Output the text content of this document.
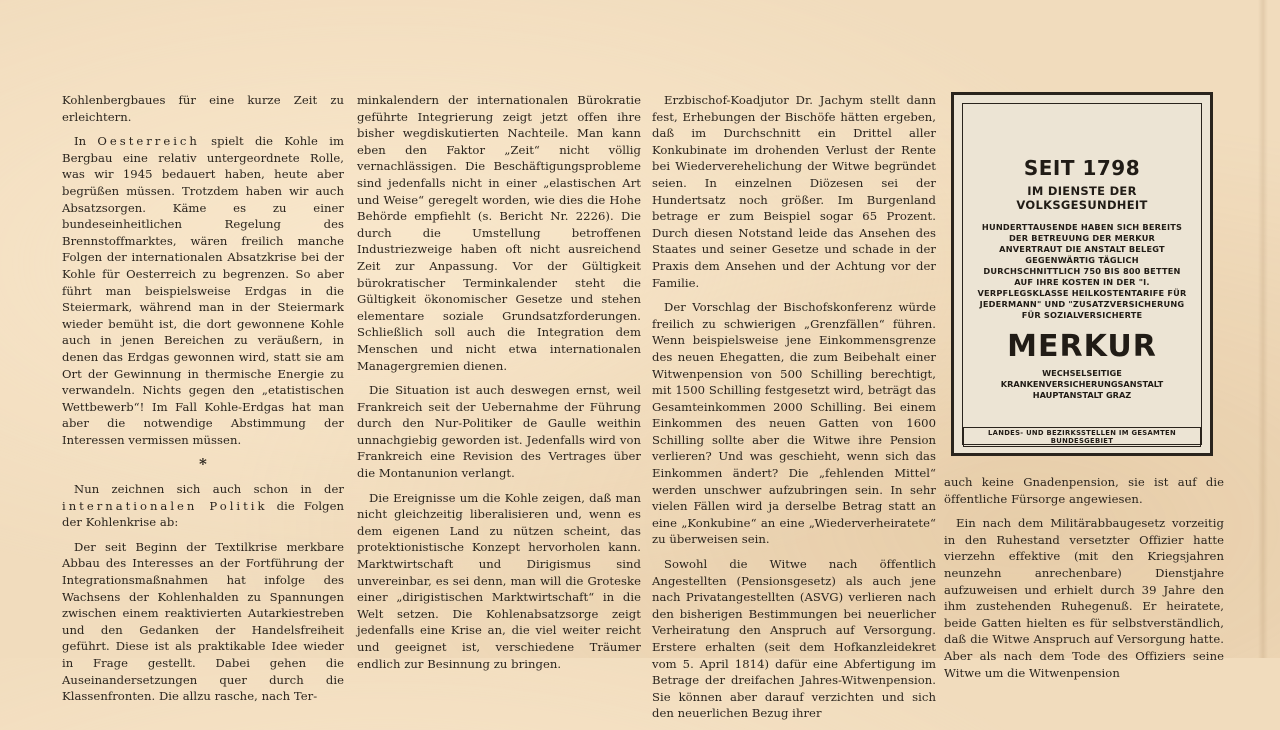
Kohlenbergbaues für eine kurze Zeit zu erleichtern.

In Oesterreich spielt die Kohle im Bergbau eine relativ untergeordnete Rolle, was wir 1945 bedauert haben, heute aber begrüßen müssen. Trotzdem haben wir auch Absatzsorgen. Käme es zu einer bundeseinheitlichen Regelung des Brennstoffmarktes, wären freilich manche Folgen der internationalen Absatzkrise bei der Kohle für Oesterreich zu begrenzen. So aber führt man beispielsweise Erdgas in die Steiermark, während man in der Steiermark wieder bemüht ist, die dort gewonnene Kohle auch in jenen Bereichen zu veräußern, in denen das Erdgas gewonnen wird, statt sie am Ort der Gewinnung in thermische Energie zu verwandeln. Nichts gegen den „etatistischen Wettbewerb“! Im Fall Kohle-Erdgas hat man aber die notwendige Abstimmung der Interessen vermissen müssen.

*

Nun zeichnen sich auch schon in der internationalen Politik die Folgen der Kohlenkrise ab:

Der seit Beginn der Textilkrise merkbare Abbau des Interesses an der Fortführung der Integrationsmaßnahmen hat infolge des Wachsens der Kohlenhalden zu Spannungen zwischen einem reaktivierten Autarkiestreben und den Gedanken der Handelsfreiheit geführt. Diese ist als praktikable Idee wieder in Frage gestellt. Dabei gehen die Auseinandersetzungen quer durch die Klassenfronten. Die allzu rasche, nach Ter-

minkalendern der internationalen Bürokratie geführte Integrierung zeigt jetzt offen ihre bisher wegdiskutierten Nachteile. Man kann eben den Faktor „Zeit“ nicht völlig vernachlässigen. Die Beschäftigungsprobleme sind jedenfalls nicht in einer „elastischen Art und Weise“ geregelt worden, wie dies die Hohe Behörde empfiehlt (s. Bericht Nr. 2226). Die durch die Umstellung betroffenen Industriezweige haben oft nicht ausreichend Zeit zur Anpassung. Vor der Gültigkeit bürokratischer Terminkalender steht die Gültigkeit ökonomischer Gesetze und stehen elementare soziale Grundsatzforderungen. Schließlich soll auch die Integration dem Menschen und nicht etwa internationalen Managergremien dienen.

Die Situation ist auch deswegen ernst, weil Frankreich seit der Uebernahme der Führung durch den Nur-Politiker de Gaulle weithin unnachgiebig geworden ist. Jedenfalls wird von Frankreich eine Revision des Vertrages über die Montanunion verlangt.

Die Ereignisse um die Kohle zeigen, daß man nicht gleichzeitig liberalisieren und, wenn es dem eigenen Land zu nützen scheint, das protektionistische Konzept hervorholen kann. Marktwirtschaft und Dirigismus sind unvereinbar, es sei denn, man will die Groteske einer „dirigistischen Marktwirtschaft“ in die Welt setzen. Die Kohlenabsatzsorge zeigt jedenfalls eine Krise an, die viel weiter reicht und geeignet ist, verschiedene Träumer endlich zur Besinnung zu bringen.

Erzbischof-Koadjutor Dr. Jachym stellt dann fest, Erhebungen der Bischöfe hätten ergeben, daß im Durchschnitt ein Drittel aller Konkubinate im drohenden Verlust der Rente bei Wiederverehelichung der Witwe begründet seien. In einzelnen Diözesen sei der Hundertsatz noch größer. Im Burgenland betrage er zum Beispiel sogar 65 Prozent. Durch diesen Notstand leide das Ansehen des Staates und seiner Gesetze und schade in der Praxis dem Ansehen und der Achtung vor der Familie.

Der Vorschlag der Bischofskonferenz würde freilich zu schwierigen „Grenzfällen“ führen. Wenn beispielsweise jene Einkommensgrenze des neuen Ehegatten, die zum Beibehalt einer Witwenpension von 500 Schilling berechtigt, mit 1500 Schilling festgesetzt wird, beträgt das Gesamteinkommen 2000 Schilling. Bei einem Einkommen des neuen Gatten von 1600 Schilling sollte aber die Witwe ihre Pension verlieren? Und was geschieht, wenn sich das Einkommen ändert? Die „fehlenden Mittel“ werden unschwer aufzubringen sein. In sehr vielen Fällen wird ja derselbe Betrag statt an eine „Konkubine“ an eine „Wiederverheiratete“ zu überweisen sein.

Sowohl die Witwe nach öffentlich Angestellten (Pensionsgesetz) als auch jene nach Privatangestellten (ASVG) verlieren nach den bisherigen Bestimmungen bei neuerlicher Verheiratung den Anspruch auf Versorgung. Erstere erhalten (seit dem Hofkanzleidekret vom 5. April 1814) dafür eine Abfertigung im Betrage der dreifachen Jahres-Witwenpension. Sie können aber darauf verzichten und sich den neuerlichen Bezug ihrer

SEIT 1798
IM DIENSTE DER VOLKSGESUNDHEIT
HUNDERTTAUSENDE HABEN SICH BEREITS DER BETREUUNG DER MERKUR ANVERTRAUT DIE ANSTALT BELEGT GEGENWÄRTIG TÄGLICH DURCHSCHNITTLICH 750 BIS 800 BETTEN AUF IHRE KOSTEN IN DER "I. VERPFLEGSKLASSE HEILKOSTENTARIFE FÜR JEDERMANN" UND "ZUSATZVERSICHERUNG FÜR SOZIALVERSICHERTE
MERKUR
WECHSELSEITIGE KRANKENVERSICHERUNGSANSTALT HAUPTANSTALT GRAZ
LANDES- UND BEZIRKSSTELLEN IM GESAMTEN BUNDESGEBIET

auch keine Gnadenpension, sie ist auf die öffentliche Fürsorge angewiesen.

Ein nach dem Militärabbaugesetz vorzeitig in den Ruhestand versetzter Offizier hatte vierzehn effektive (mit den Kriegsjahren neunzehn anrechenbare) Dienstjahre aufzuweisen und erhielt durch 39 Jahre den ihm zustehenden Ruhegenuß. Er heiratete, beide Gatten hielten es für selbstverständlich, daß die Witwe Anspruch auf Versorgung hatte. Aber als nach dem Tode des Offiziers seine Witwe um die Witwenpension
